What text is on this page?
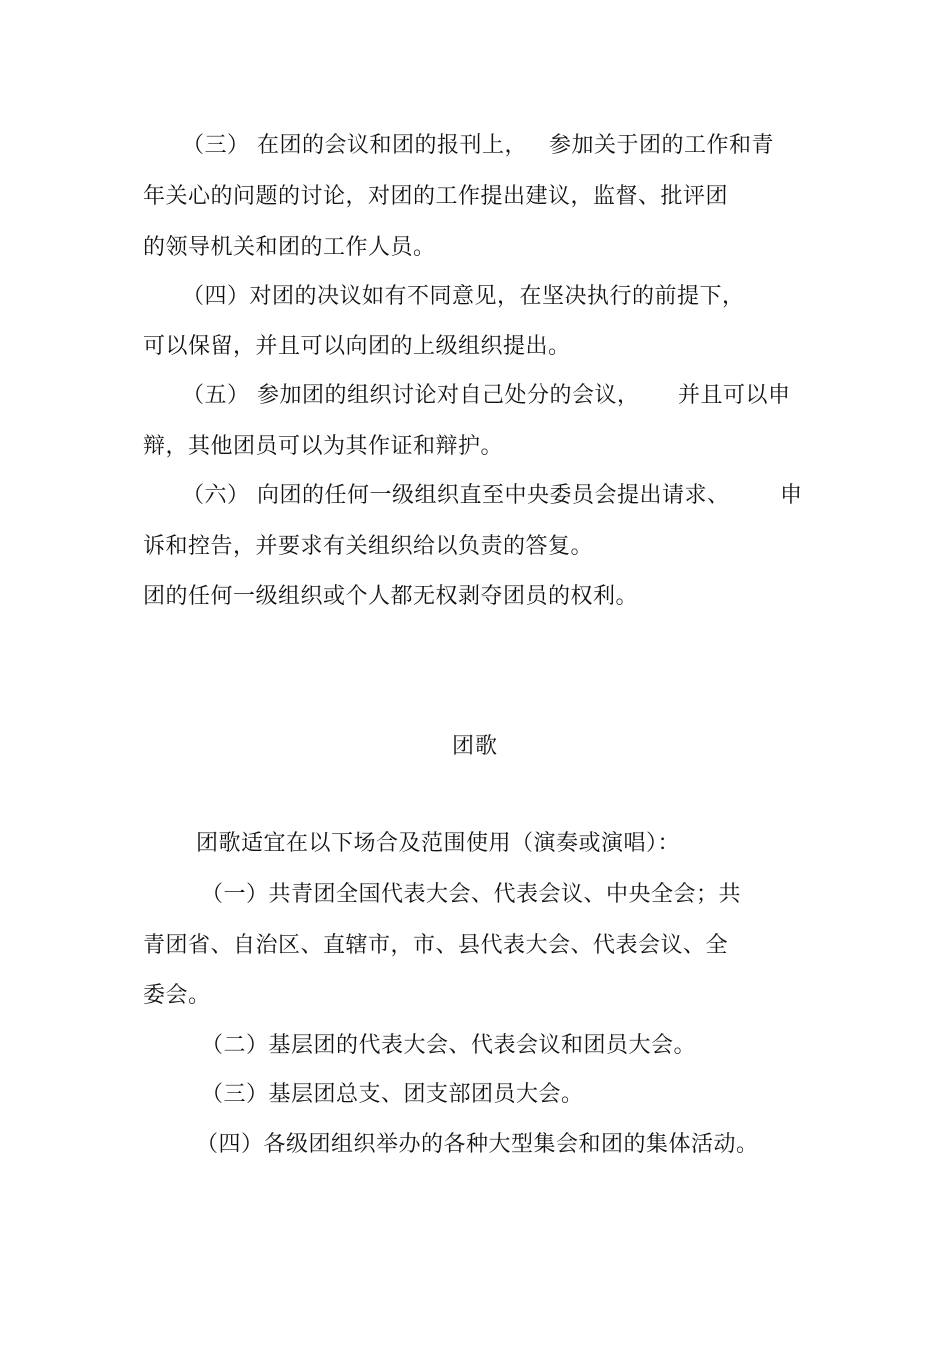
（三） 在团的会议和团的报刊上， 参加关于团的工作和青
年关心的问题的讨论，对团的工作提出建议，监督、批评团
的领导机关和团的工作人员。
（四）对团的决议如有不同意见，在坚决执行的前提下，
可以保留，并且可以向团的上级组织提出。
（五） 参加团的组织讨论对自己处分的会议， 并且可以申
辩，其他团员可以为其作证和辩护。
（六） 向团的任何一级组织直至中央委员会提出请求、 申
诉和控告，并要求有关组织给以负责的答复。
团的任何一级组织或个人都无权剥夺团员的权利。
团歌
团歌适宜在以下场合及范围使用（演奏或演唱）：
（一）共青团全国代表大会、代表会议、中央全会；共
青团省、自治区、直辖市，市、县代表大会、代表会议、全
委会。
（二）基层团的代表大会、代表会议和团员大会。
（三）基层团总支、团支部团员大会。
（四）各级团组织举办的各种大型集会和团的集体活动。
